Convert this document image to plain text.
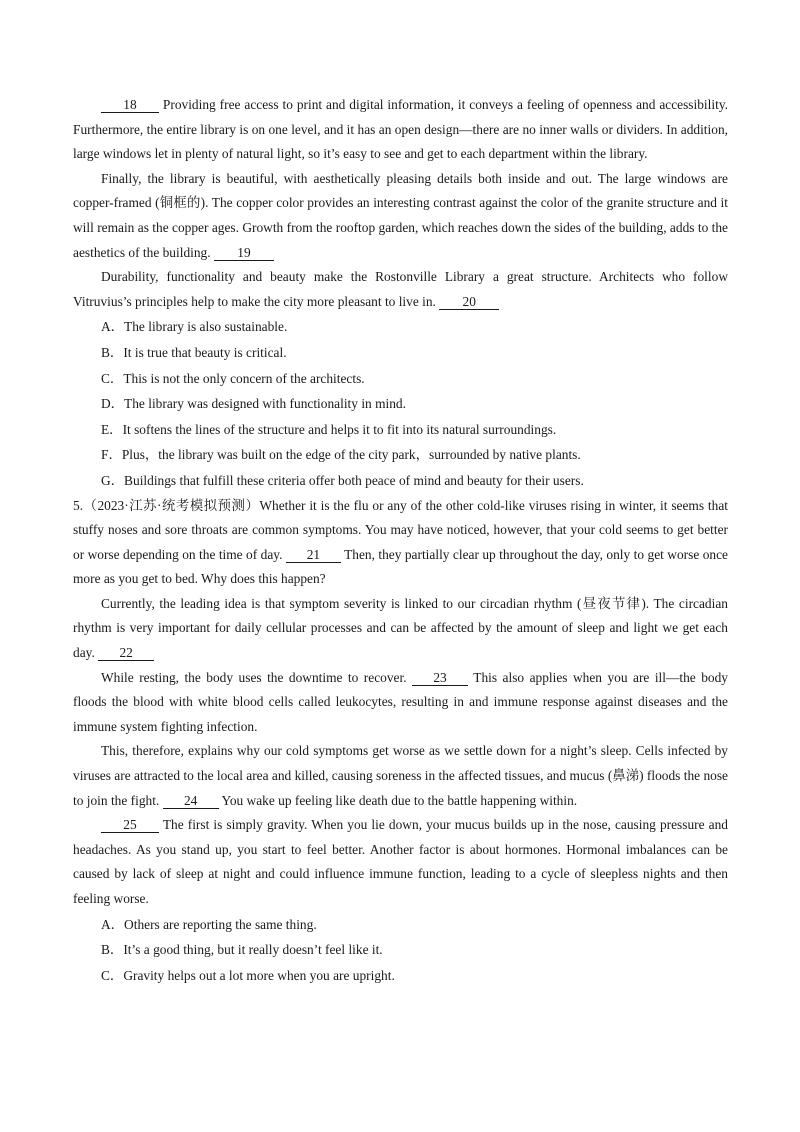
18 Providing free access to print and digital information, it conveys a feeling of openness and accessibility. Furthermore, the entire library is on one level, and it has an open design—there are no inner walls or dividers. In addition, large windows let in plenty of natural light, so it’s easy to see and get to each department within the library.

Finally, the library is beautiful, with aesthetically pleasing details both inside and out. The large windows are copper-framed (铜框的). The copper color provides an interesting contrast against the color of the granite structure and it will remain as the copper ages. Growth from the rooftop garden, which reaches down the sides of the building, adds to the aesthetics of the building. 19

Durability, functionality and beauty make the Rostonville Library a great structure. Architects who follow Vitruvius’s principles help to make the city more pleasant to live in. 20

A．The library is also sustainable.

B．It is true that beauty is critical.

C．This is not the only concern of the architects.

D．The library was designed with functionality in mind.

E．It softens the lines of the structure and helps it to fit into its natural surroundings.

F．Plus，the library was built on the edge of the city park，surrounded by native plants.

G．Buildings that fulfill these criteria offer both peace of mind and beauty for their users.

5.（2023·江苏·统考模拟预测）Whether it is the flu or any of the other cold-like viruses rising in winter, it seems that stuffy noses and sore throats are common symptoms. You may have noticed, however, that your cold seems to get better or worse depending on the time of day. 21 Then, they partially clear up throughout the day, only to get worse once more as you get to bed. Why does this happen?

Currently, the leading idea is that symptom severity is linked to our circadian rhythm (昼夜节律). The circadian rhythm is very important for daily cellular processes and can be affected by the amount of sleep and light we get each day. 22

While resting, the body uses the downtime to recover. 23 This also applies when you are ill—the body floods the blood with white blood cells called leukocytes, resulting in and immune response against diseases and the immune system fighting infection.

This, therefore, explains why our cold symptoms get worse as we settle down for a night’s sleep. Cells infected by viruses are attracted to the local area and killed, causing soreness in the affected tissues, and mucus (鼻涕) floods the nose to join the fight. 24 You wake up feeling like death due to the battle happening within.

25 The first is simply gravity. When you lie down, your mucus builds up in the nose, causing pressure and headaches. As you stand up, you start to feel better. Another factor is about hormones. Hormonal imbalances can be caused by lack of sleep at night and could influence immune function, leading to a cycle of sleepless nights and then feeling worse.

A．Others are reporting the same thing.

B．It’s a good thing, but it really doesn’t feel like it.

C．Gravity helps out a lot more when you are upright.
